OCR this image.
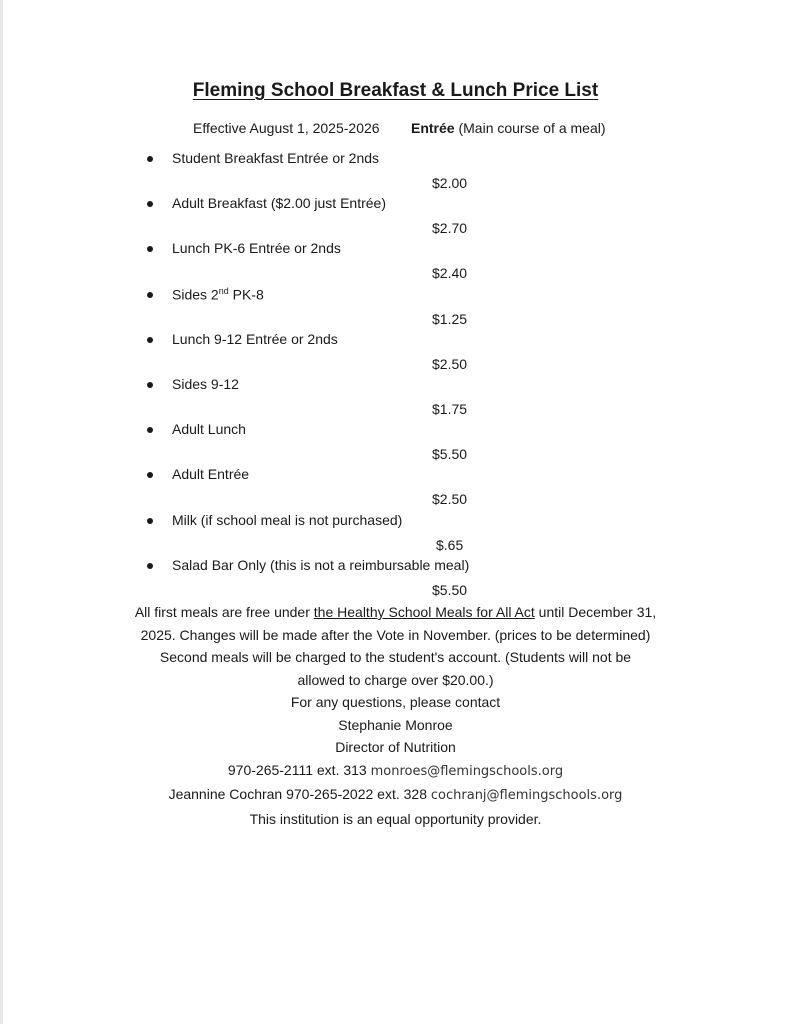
Fleming School Breakfast & Lunch Price List
Effective August 1, 2025-2026 Entrée (Main course of a meal)
Student Breakfast Entrée or 2nds
$2.00
Adult Breakfast ($2.00 just Entrée)
$2.70
Lunch PK-6 Entrée or 2nds
$2.40
Sides 2nd PK-8
$1.25
Lunch 9-12 Entrée or 2nds
$2.50
Sides 9-12
$1.75
Adult Lunch
$5.50
Adult Entrée
$2.50
Milk (if school meal is not purchased)
$.65
Salad Bar Only (this is not a reimbursable meal)
$5.50

All first meals are free under the Healthy School Meals for All Act until December 31,

2025. Changes will be made after the Vote in November. (prices to be determined)

Second meals will be charged to the student's account. (Students will not be

allowed to charge over $20.00.)

For any questions, please contact

Stephanie Monroe

Director of Nutrition

970-265-2111 ext. 313 monroes@flemingschools.org

Jeannine Cochran 970-265-2022 ext. 328 cochranj@flemingschools.org

This institution is an equal opportunity provider.
